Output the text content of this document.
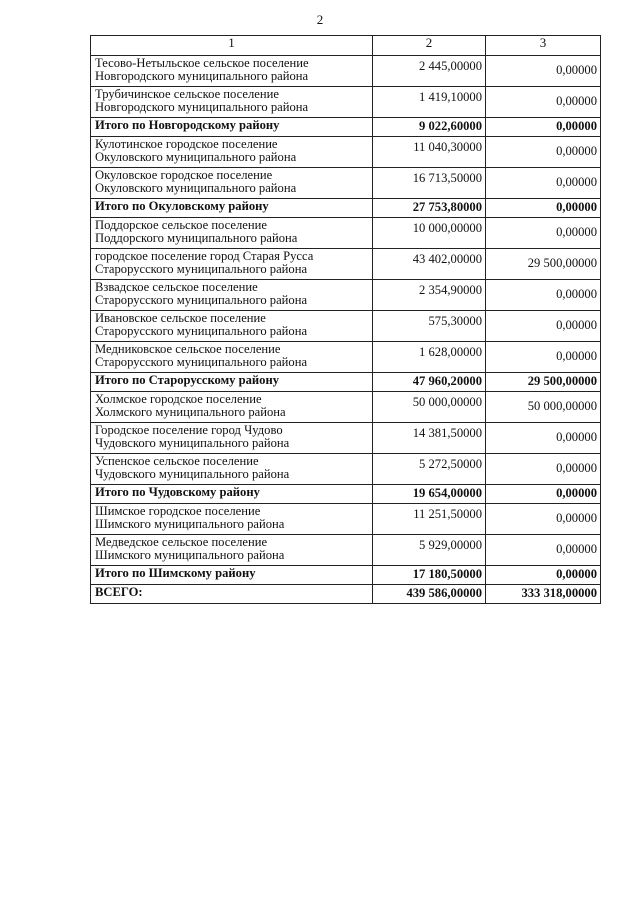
2
1	2	3
Тесово-Нетыльское сельское поселение
Новгородского муниципального района
2 445,00000	0,00000
Трубичинское сельское поселение
Новгородского муниципального района
1 419,10000	0,00000
Итого по Новгородскому району	9 022,60000	0,00000
Кулотинское городское поселение
Окуловского муниципального района
11 040,30000	0,00000
Окуловское городское поселение
Окуловского муниципального района
16 713,50000	0,00000
Итого по Окуловскому району	27 753,80000	0,00000
Поддорское сельское поселение
Поддорского муниципального района
10 000,00000	0,00000
городское поселение город Старая Русса
Старорусского муниципального района
43 402,00000	29 500,00000
Взвадское сельское поселение
Старорусского муниципального района
2 354,90000	0,00000
Ивановское сельское поселение
Старорусского муниципального района
575,30000	0,00000
Медниковское сельское поселение
Старорусского муниципального района
1 628,00000	0,00000
Итого по Старорусскому району	47 960,20000	29 500,00000
Холмское городское поселение
Холмского муниципального района
50 000,00000	50 000,00000
Городское поселение город Чудово
Чудовского муниципального района
14 381,50000	0,00000
Успенское сельское поселение
Чудовского муниципального района
5 272,50000	0,00000
Итого по Чудовскому району	19 654,00000	0,00000
Шимское городское поселение
Шимского муниципального района
11 251,50000	0,00000
Медведское сельское поселение
Шимского муниципального района
5 929,00000	0,00000
Итого по Шимскому району	17 180,50000	0,00000
ВСЕГО:	439 586,00000	333 318,00000
